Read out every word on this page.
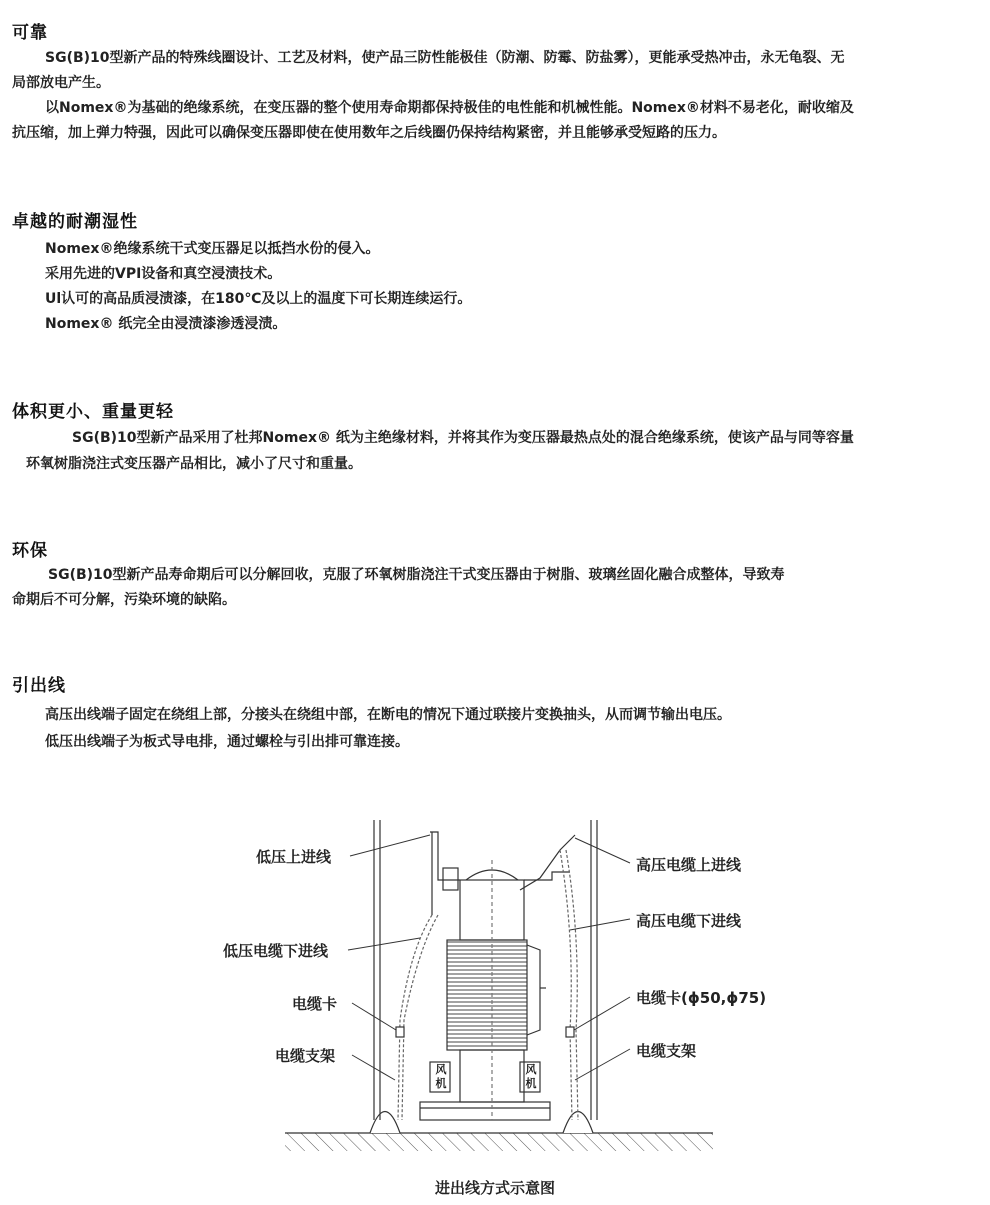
可靠
SG(B)10型新产品的特殊线圈设计、工艺及材料，使产品三防性能极佳（防潮、防霉、防盐雾），更能承受热冲击，永无龟裂、无
局部放电产生。
以Nomex®为基础的绝缘系统，在变压器的整个使用寿命期都保持极佳的电性能和机械性能。Nomex®材料不易老化，耐收缩及
抗压缩，加上弹力特强，因此可以确保变压器即使在使用数年之后线圈仍保持结构紧密，并且能够承受短路的压力。
卓越的耐潮湿性
Nomex®绝缘系统干式变压器足以抵挡水份的侵入。
采用先进的VPI设备和真空浸渍技术。
Ul认可的高品质浸渍漆，在180℃及以上的温度下可长期连续运行。
Nomex® 纸完全由浸渍漆渗透浸渍。
体积更小、重量更轻
SG(B)10型新产品采用了杜邦Nomex® 纸为主绝缘材料，并将其作为变压器最热点处的混合绝缘系统，使该产品与同等容量
环氧树脂浇注式变压器产品相比，减小了尺寸和重量。
环保
SG(B)10型新产品寿命期后可以分解回收，克服了环氧树脂浇注干式变压器由于树脂、玻璃丝固化融合成整体，导致寿
命期后不可分解，污染环境的缺陷。
引出线
高压出线端子固定在绕组上部，分接头在绕组中部，在断电的情况下通过联接片变换抽头，从而调节输出电压。
低压出线端子为板式导电排，通过螺栓与引出排可靠连接。
低压上进线
低压电缆下进线
电缆卡
电缆支架
高压电缆上进线
高压电缆下进线
电缆卡(ϕ50,ϕ75)
电缆支架
风
机
风
机
进出线方式示意图
